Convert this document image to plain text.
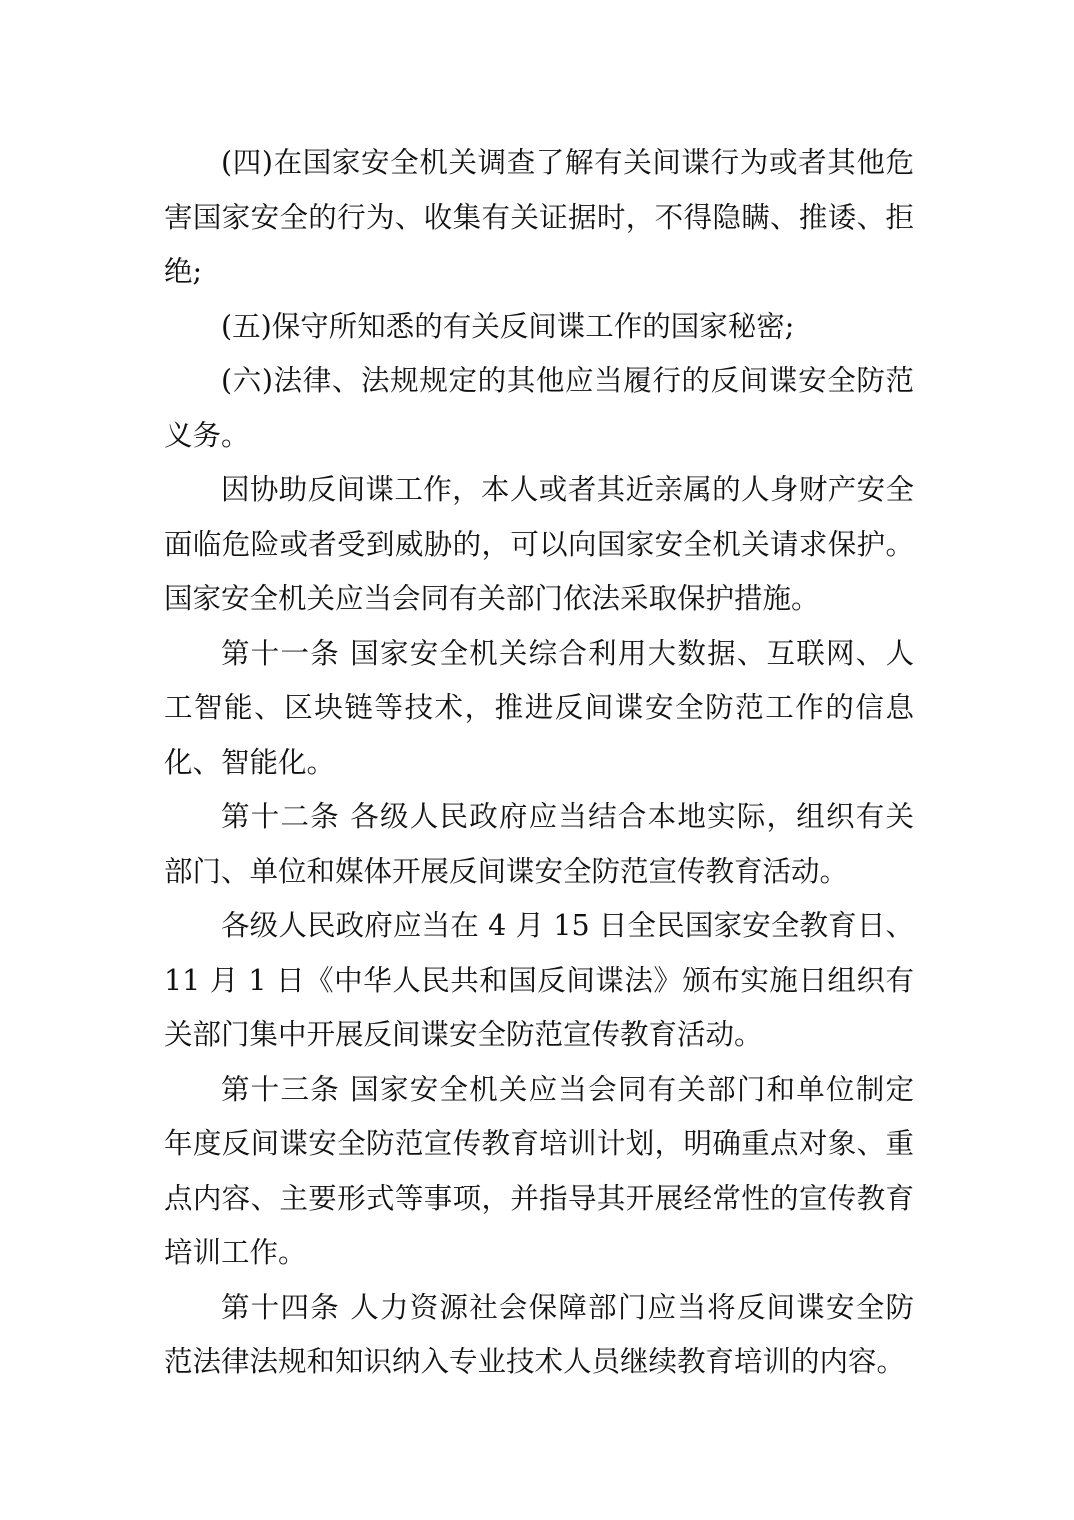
(四)在国家安全机关调查了解有关间谍行为或者其他危害国家安全的行为、收集有关证据时，不得隐瞒、推诿、拒绝;

(五)保守所知悉的有关反间谍工作的国家秘密;

(六)法律、法规规定的其他应当履行的反间谍安全防范义务。

因协助反间谍工作，本人或者其近亲属的人身财产安全面临危险或者受到威胁的，可以向国家安全机关请求保护。国家安全机关应当会同有关部门依法采取保护措施。

第十一条 国家安全机关综合利用大数据、互联网、人工智能、区块链等技术，推进反间谍安全防范工作的信息化、智能化。

第十二条 各级人民政府应当结合本地实际，组织有关部门、单位和媒体开展反间谍安全防范宣传教育活动。

各级人民政府应当在 4 月 15 日全民国家安全教育日、11 月 1 日《中华人民共和国反间谍法》颁布实施日组织有关部门集中开展反间谍安全防范宣传教育活动。

第十三条 国家安全机关应当会同有关部门和单位制定年度反间谍安全防范宣传教育培训计划，明确重点对象、重点内容、主要形式等事项，并指导其开展经常性的宣传教育培训工作。

第十四条 人力资源社会保障部门应当将反间谍安全防范法律法规和知识纳入专业技术人员继续教育培训的内容。
